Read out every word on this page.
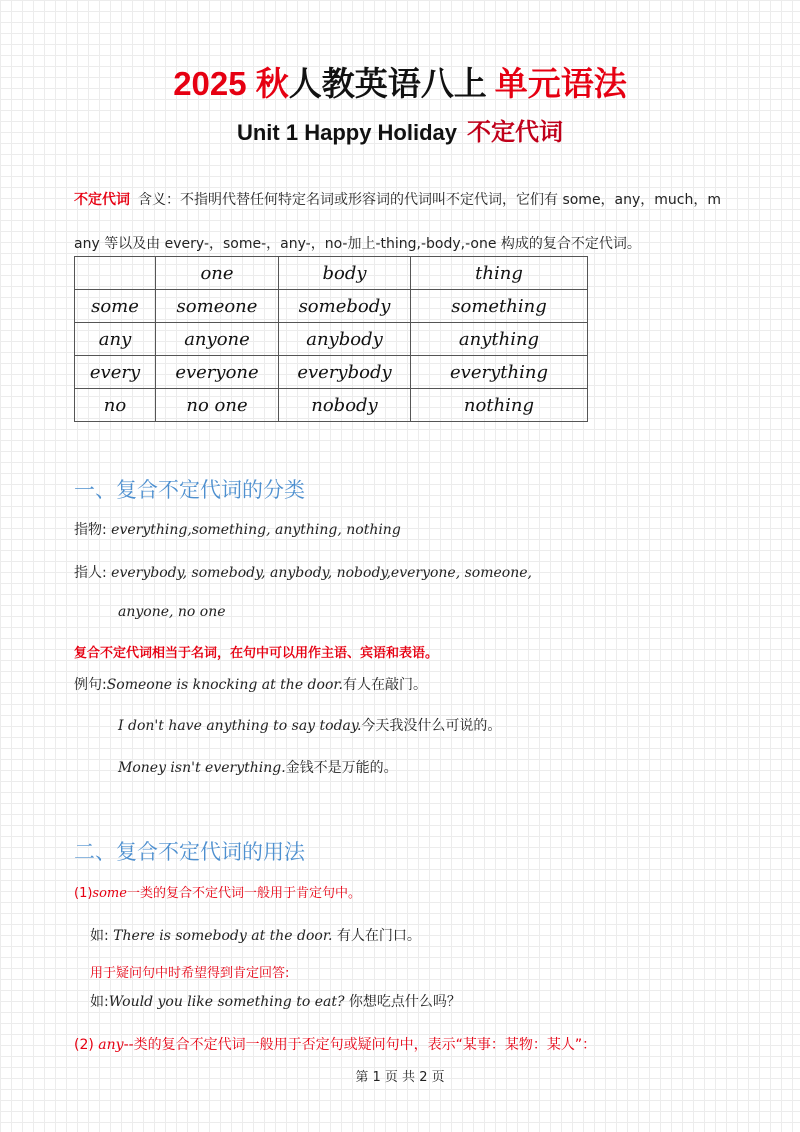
2025 秋人教英语八上 单元语法
Unit 1 Happy Holiday 不定代词
不定代词 含义：不指明代替任何特定名词或形容词的代词叫不定代词，它们有 some，any，much，many 等以及由 every-，some-，any-，no-加上-thing,-body,-one 构成的复合不定代词。
	one	body	thing
some	someone	somebody	something
any	anyone	anybody	anything
every	everyone	everybody	everything
no	no one	nobody	nothing
一、复合不定代词的分类
指物: everything,something, anything, nothing
指人: everybody, somebody, anybody, nobody,everyone, someone,
anyone, no one
复合不定代词相当于名词，在句中可以用作主语、宾语和表语。
例句:Someone is knocking at the door.有人在敲门。
I don't have anything to say today.今天我没什么可说的。
Money isn't everything.金钱不是万能的。
二、复合不定代词的用法
(1)some一类的复合不定代词一般用于肯定句中。
如: There is somebody at the door. 有人在门口。
用于疑问句中时希望得到肯定回答:
如:Would you like something to eat? 你想吃点什么吗？
(2) any--类的复合不定代词一般用于否定句或疑问句中，表示“某事：某物：某人”：
第 1 页 共 2 页
